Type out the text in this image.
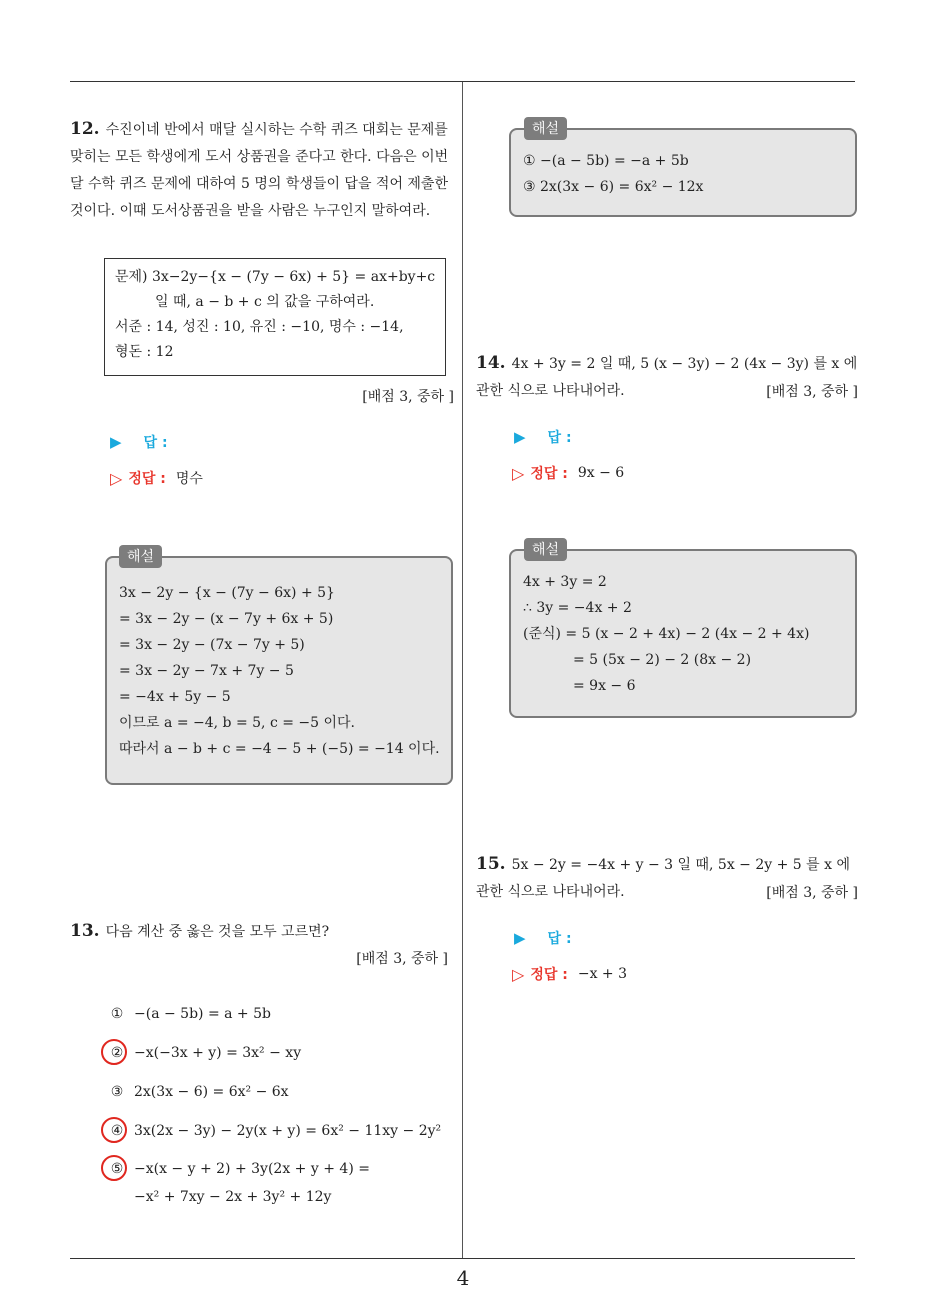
12. 수진이네 반에서 매달 실시하는 수학 퀴즈 대회는 문제를 맞히는 모든 학생에게 도서 상품권을 준다고 한다. 다음은 이번 달 수학 퀴즈 문제에 대하여 5 명의 학생들이 답을 적어 제출한 것이다. 이때 도서상품권을 받을 사람은 누구인지 말하여라.
문제) 3x−2y−{x − (7y − 6x) + 5} = ax+by+c
일 때, a − b + c 의 값을 구하여라.
서준 : 14, 성진 : 10, 유진 : −10, 명수 : −14,
형돈 : 12
[배점 3, 중하 ]
▶ 답 :
▷ 정답 : 명수
3x − 2y − {x − (7y − 6x) + 5}
= 3x − 2y − (x − 7y + 6x + 5)
= 3x − 2y − (7x − 7y + 5)
= 3x − 2y − 7x + 7y − 5
= −4x + 5y − 5
이므로 a = −4, b = 5, c = −5 이다.
따라서 a − b + c = −4 − 5 + (−5) = −14 이다.
해설
13. 다음 계산 중 옳은 것을 모두 고르면?
[배점 3, 중하 ]
① −(a − 5b) = a + 5b
② −x(−3x + y) = 3x² − xy
③ 2x(3x − 6) = 6x² − 6x
④ 3x(2x − 3y) − 2y(x + y) = 6x² − 11xy − 2y²
⑤ −x(x − y + 2) + 3y(2x + y + 4) =
−x² + 7xy − 2x + 3y² + 12y
① −(a − 5b) = −a + 5b
③ 2x(3x − 6) = 6x² − 12x
해설
14. 4x + 3y = 2 일 때, 5 (x − 3y) − 2 (4x − 3y) 를 x 에 관한 식으로 나타내어라.	[배점 3, 중하 ]
▶ 답 :
▷ 정답 : 9x − 6
4x + 3y = 2
∴ 3y = −4x + 2
(준식) = 5 (x − 2 + 4x) − 2 (4x − 2 + 4x)
= 5 (5x − 2) − 2 (8x − 2)
= 9x − 6
해설
15. 5x − 2y = −4x + y − 3 일 때, 5x − 2y + 5 를 x 에 관한 식으로 나타내어라.	[배점 3, 중하 ]
▶ 답 :
▷ 정답 : −x + 3
4
